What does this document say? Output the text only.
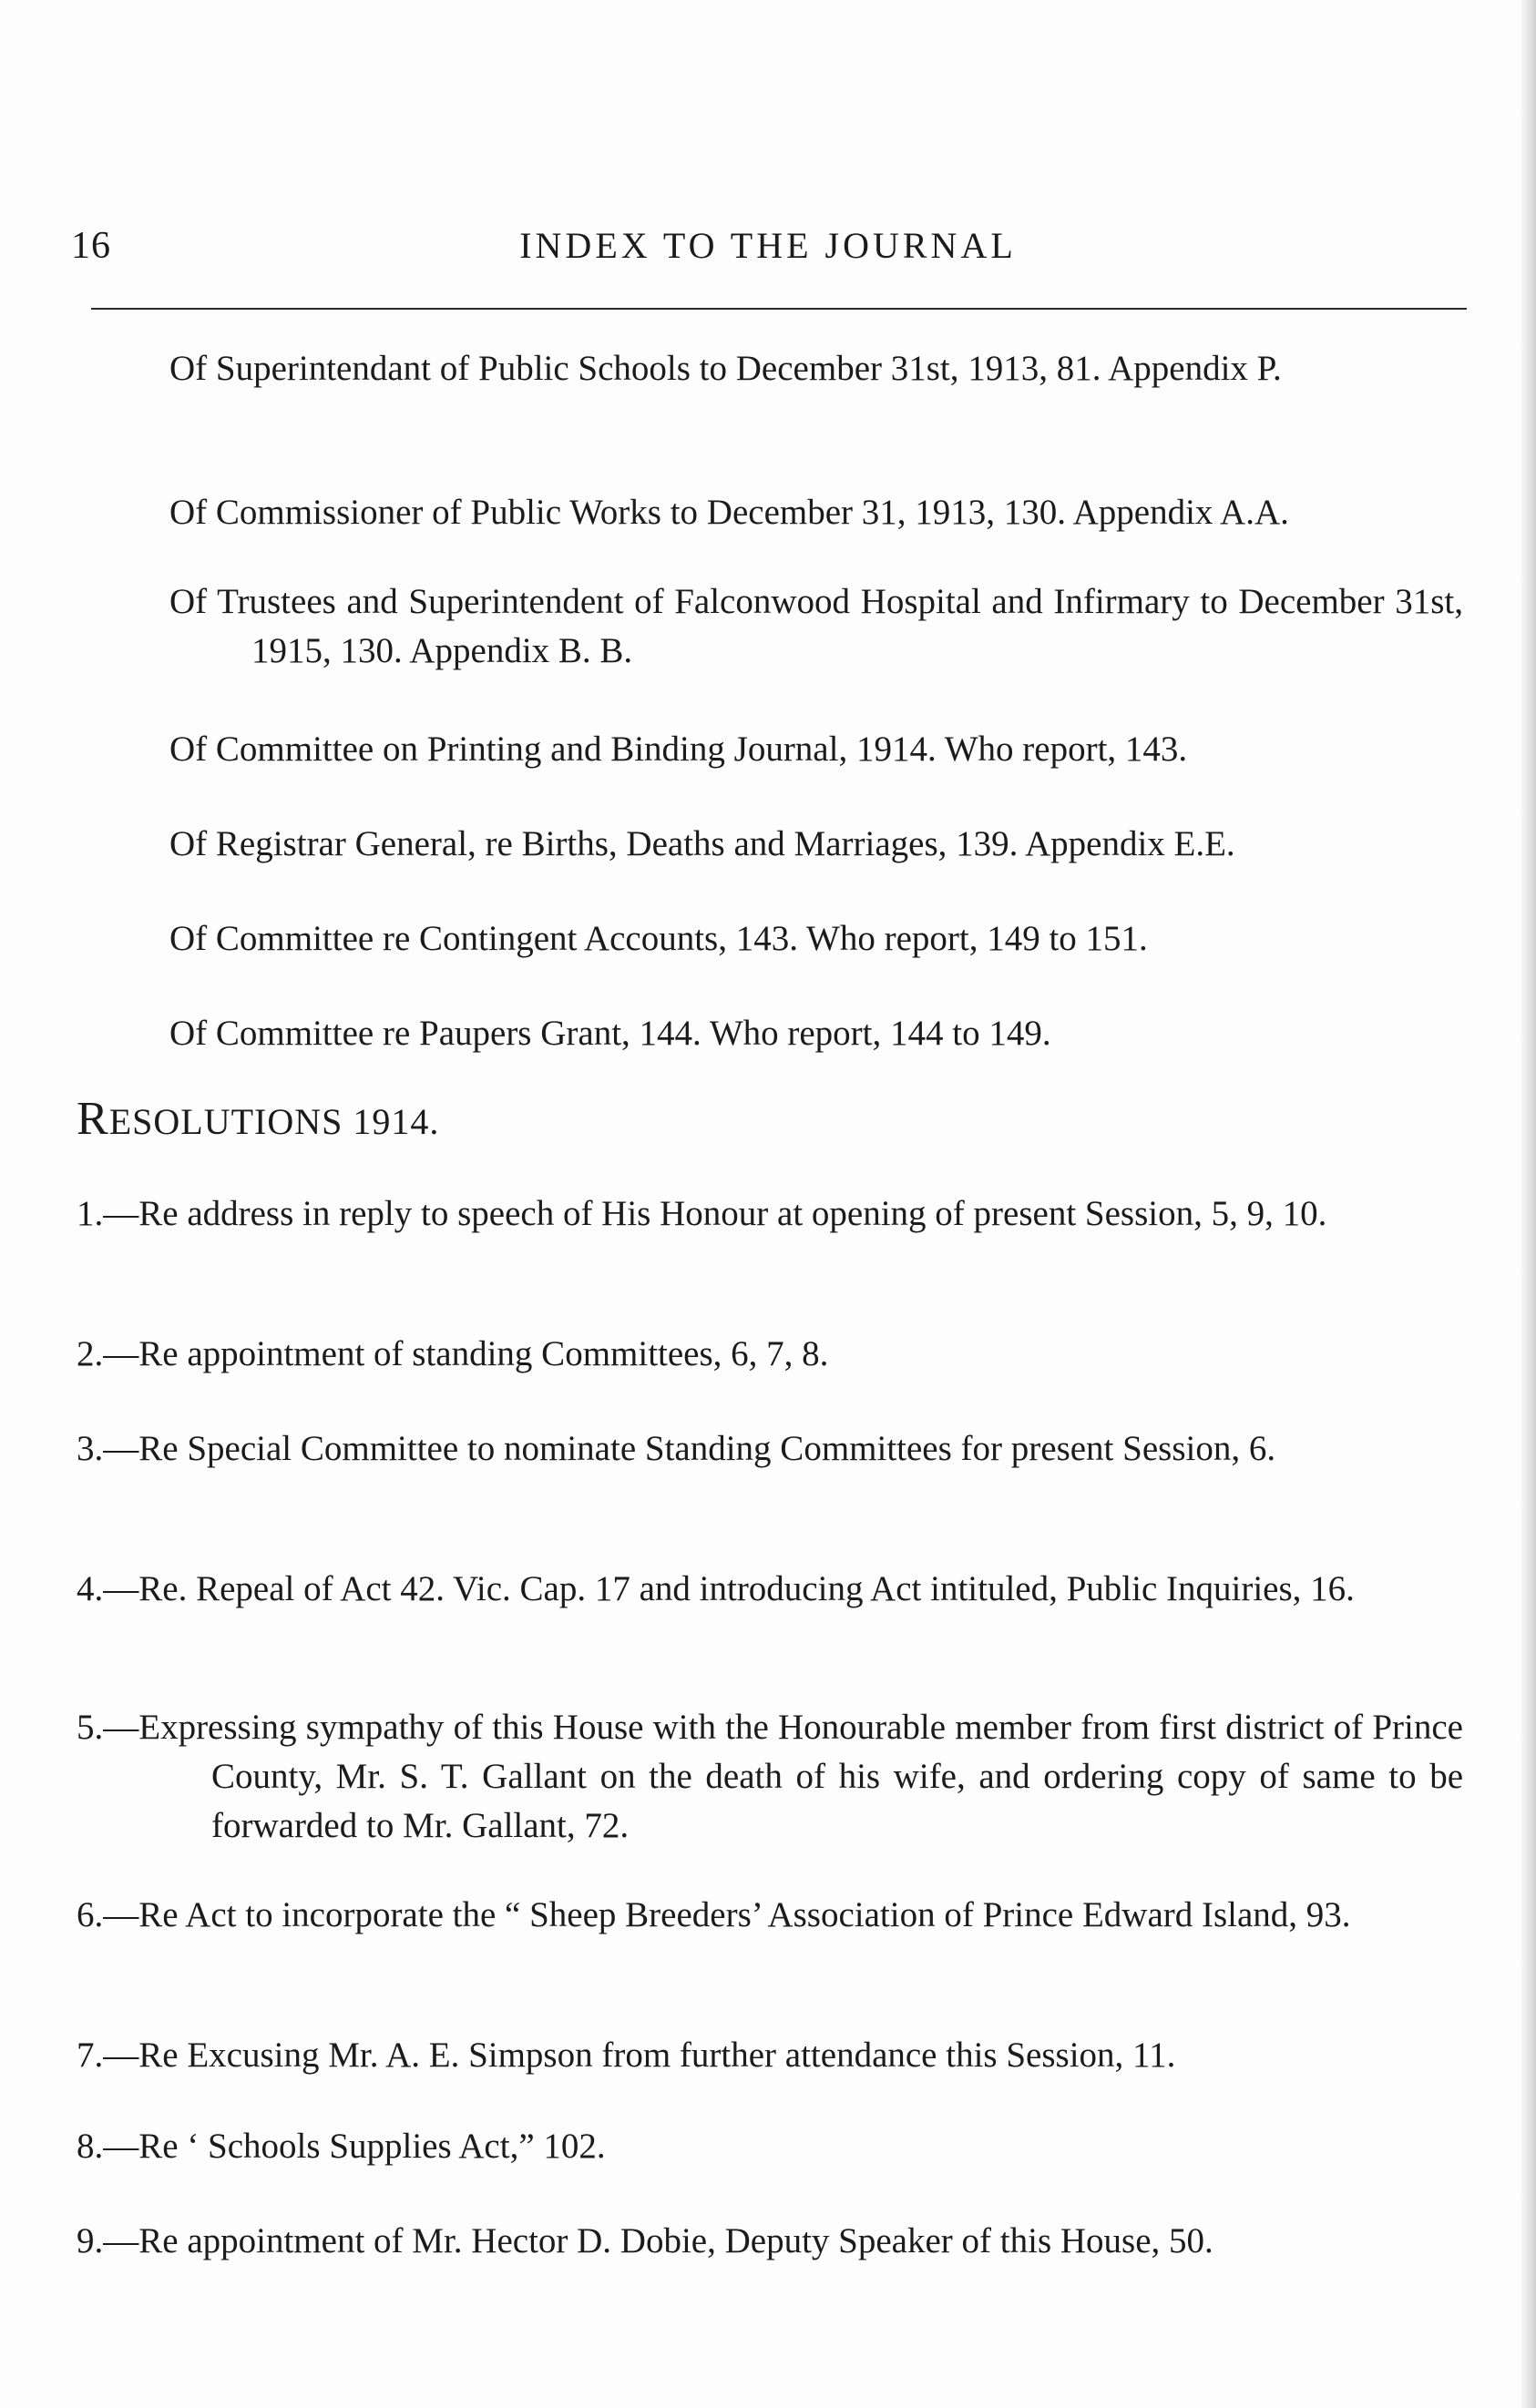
16	INDEX TO THE JOURNAL

Of Superintendant of Public Schools to December 31st, 1913, 81. Appendix P.

Of Commissioner of Public Works to December 31, 1913, 130. Appendix A.A.

Of Trustees and Superintendent of Falconwood Hospital and Infirmary to December 31st, 1915, 130. Appendix B. B.

Of Committee on Printing and Binding Journal, 1914. Who report, 143.

Of Registrar General, re Births, Deaths and Marriages, 139. Appendix E.E.

Of Committee re Contingent Accounts, 143. Who report, 149 to 151.

Of Committee re Paupers Grant, 144. Who report, 144 to 149.

RESOLUTIONS 1914.

1.—Re address in reply to speech of His Honour at opening of present Session, 5, 9, 10.

2.—Re appointment of standing Committees, 6, 7, 8.

3.—Re Special Committee to nominate Standing Committees for present Session, 6.

4.—Re. Repeal of Act 42. Vic. Cap. 17 and introducing Act intituled, Public Inquiries, 16.

5.—Expressing sympathy of this House with the Honourable member from first district of Prince County, Mr. S. T. Gallant on the death of his wife, and ordering copy of same to be forwarded to Mr. Gallant, 72.

6.—Re Act to incorporate the “ Sheep Breeders’ Association of Prince Edward Island, 93.

7.—Re Excusing Mr. A. E. Simpson from further attendance this Session, 11.

8.—Re ‘ Schools Supplies Act,” 102.

9.—Re appointment of Mr. Hector D. Dobie, Deputy Speaker of this House, 50.
